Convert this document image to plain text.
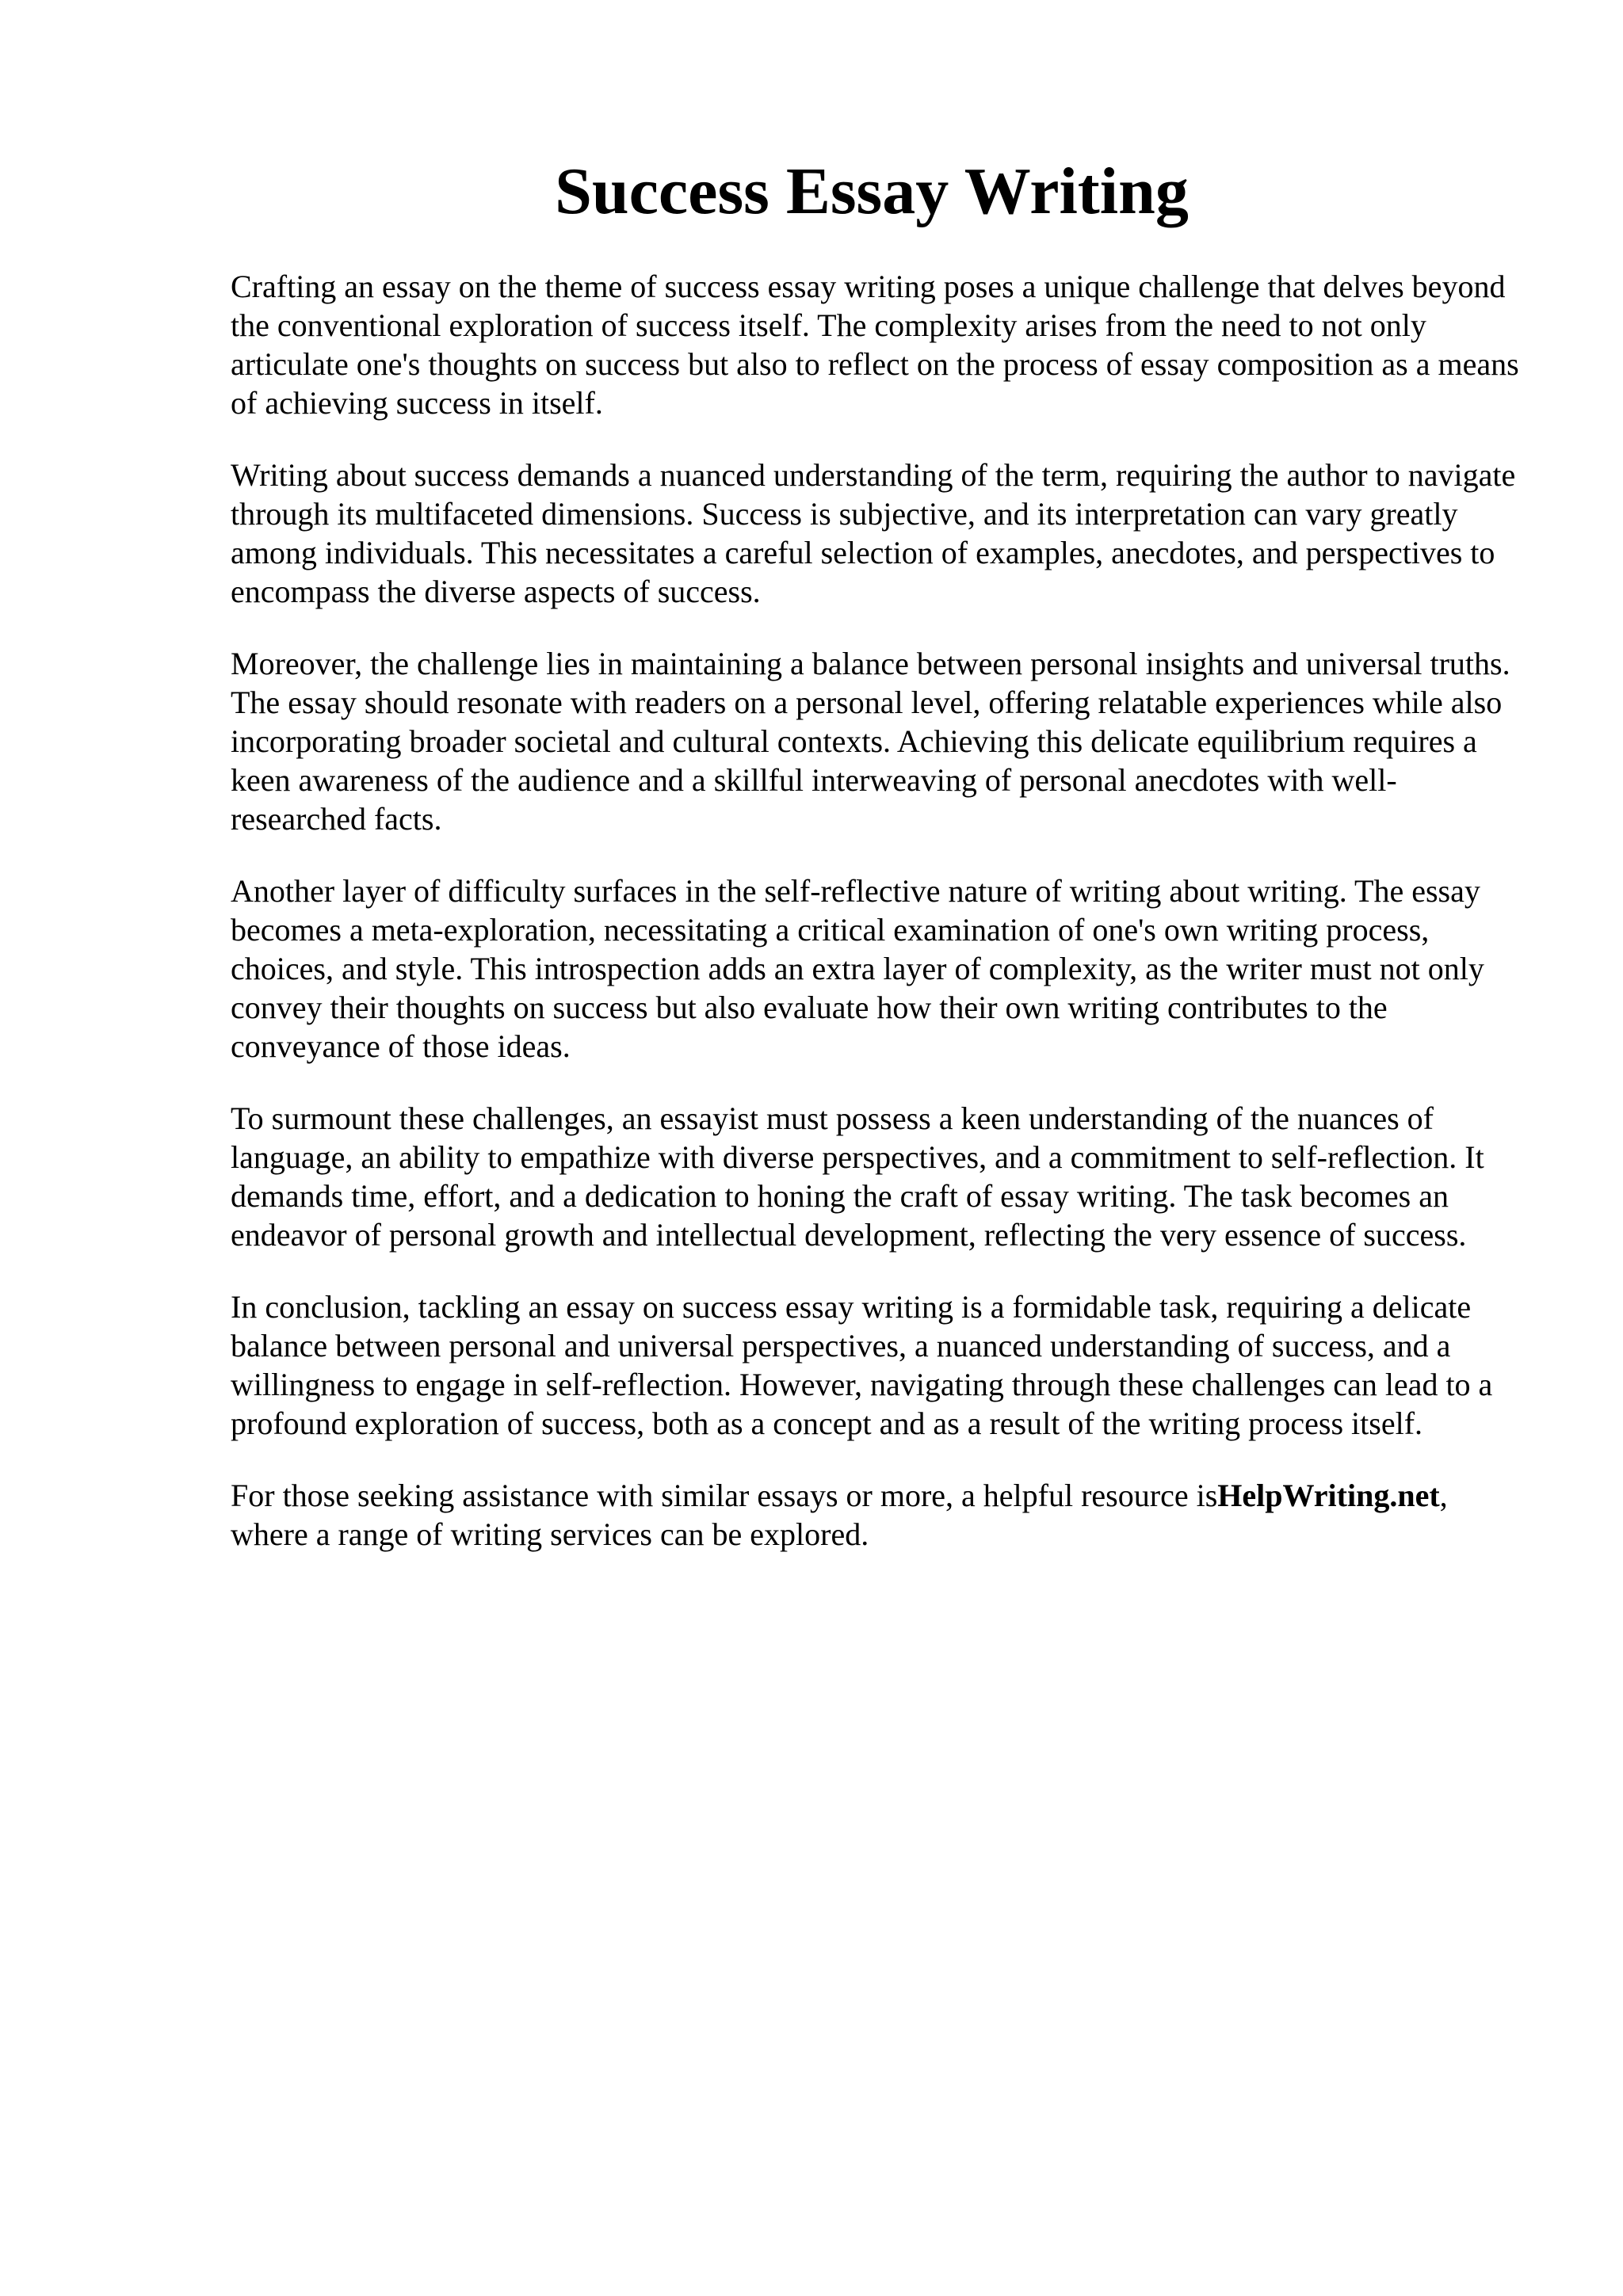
Success Essay Writing

Crafting an essay on the theme of success essay writing poses a unique challenge that delves beyond the conventional exploration of success itself. The complexity arises from the need to not only articulate one's thoughts on success but also to reflect on the process of essay composition as a means of achieving success in itself.

Writing about success demands a nuanced understanding of the term, requiring the author to navigate through its multifaceted dimensions. Success is subjective, and its interpretation can vary greatly among individuals. This necessitates a careful selection of examples, anecdotes, and perspectives to encompass the diverse aspects of success.

Moreover, the challenge lies in maintaining a balance between personal insights and universal truths. The essay should resonate with readers on a personal level, offering relatable experiences while also incorporating broader societal and cultural contexts. Achieving this delicate equilibrium requires a keen awareness of the audience and a skillful interweaving of personal anecdotes with well-researched facts.

Another layer of difficulty surfaces in the self-reflective nature of writing about writing. The essay becomes a meta-exploration, necessitating a critical examination of one's own writing process, choices, and style. This introspection adds an extra layer of complexity, as the writer must not only convey their thoughts on success but also evaluate how their own writing contributes to the conveyance of those ideas.

To surmount these challenges, an essayist must possess a keen understanding of the nuances of language, an ability to empathize with diverse perspectives, and a commitment to self-reflection. It demands time, effort, and a dedication to honing the craft of essay writing. The task becomes an endeavor of personal growth and intellectual development, reflecting the very essence of success.

In conclusion, tackling an essay on success essay writing is a formidable task, requiring a delicate balance between personal and universal perspectives, a nuanced understanding of success, and a willingness to engage in self-reflection. However, navigating through these challenges can lead to a profound exploration of success, both as a concept and as a result of the writing process itself.

For those seeking assistance with similar essays or more, a helpful resource isHelpWriting.net,
where a range of writing services can be explored.
